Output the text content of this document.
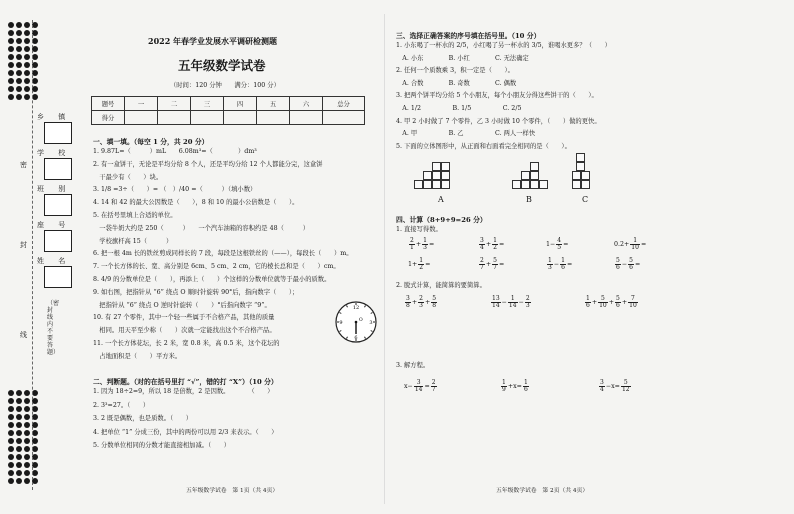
乡 镇
学 校
班 别
座 号
姓 名
（密封线内不要答题）
密
封
线
2022 年春学业发展水平调研检测题
五年级数学试卷
（时间：120 分钟　　满分：100 分）
题号	一	二	三	四	五	六	总分
得分							
一、填一填。（每空 1 分，共 20 分）
1. 9.87L=（　　　）mL　　6.08m³=（　　　　）dm³
2. 有一盒饼干，无论是平均分给 8 个人，还是平均分给 12 个人都能分完，这盒饼
　干最少有（　　）块。
3. 1/8 =3÷（　　）= （　）/40 =（　　　）（填小数）
4. 14 和 42 的最大公因数是（　　），8 和 10 的最小公倍数是（　　）。
5. 在括号里填上合适的单位。
　一袋牛奶大约是 250（　　　）　　一个汽车油箱的容积约是 48（　　　）
　学校旗杆高 15（　　　）
6. 把一根 4m 长的铁丝剪成同样长的 7 段，每段是这根铁丝的（——），每段长（　　）m。
7. 一个长方体的长、宽、高分别是 6cm、5 cm、2 cm，它的棱长总和是（　　）cm。
8. 4/9 的分数单位是（　　），再添上（　　）个这样的分数单位就等于最小的质数。
9. 如右图，把指针从 “6” 绕点 O 顺时针旋转 90°后，指向数字（　　）；
　把指针从 “6” 绕点 O 逆时针旋转（　　）°后指向数字 “9”。
10. 有 27 个零件，其中一个轻一些属于不合格产品，其他的质量
　相同。用天平至少称（　　）次就一定能找出这个不合格产品。
11. 一个长方体花坛，长 2 米，宽 0.8 米，高 0.5 米，这个花坛的
　占地面积是（　　）平方米。
二、判断题。（对的在括号里打 “√”，错的打 “X”）（10 分）
1. 因为 18÷2=9，所以 18 是倍数，2 是因数。　　　　（　　）
2. 3³=27。（　　）
3. 2 既是偶数，也是质数。（　　）
4. 把单位 “1” 分成三份，其中的两份可以用 2/3 来表示。（　　）
5. 分数单位相同的分数才能直接相加减。（　　）
12
3
6
9	O
五年级数学试卷　第 1页（共 4页）
三、选择正确答案的序号填在括号里。（10 分）
1. 小东喝了一杯水的 2/5，小红喝了另一杯水的 3/5，谁喝水更多？（　　）
　A. 小东　　　　B. 小红　　　　C. 无法确定
2. 任何一个质数乘 3，积一定是（　　）。
　A. 合数　　　　B. 奇数　　　　C. 偶数
3. 把两个饼平均分给 5 个小朋友，每个小朋友分得这些饼干的（　　）。
　A. 1/2　　　　　B. 1/5　　　　　C. 2/5
4. 甲 2 小时做了 7 个零件，乙 3 小时做 10 个零件，（　　）做的更快。
　A. 甲　　　　　B. 乙　　　　　C. 两人一样快
5. 下面的立体图形中，从正面和右面看完全相同的是（　　）。
A	B	C
四、计算（8+9+9=26 分）
1. 直接写得数。
$\frac{2}{1} + \frac{1}{3}$ =	$\frac{3}{4} + \frac{1}{2}$ =	$1- \frac{4}{5}$ =	$0.2+ \frac{1}{10}$ =
$1+ \frac{1}{2}$ =	$\frac{2}{7} + \frac{5}{7}$ =	$\frac{1}{3} - \frac{1}{6}$ =	$\frac{5}{6} - \frac{5}{6}$ =
2. 脱式计算，能简算的要简算。
$\frac{3}{8} + \frac{2}{3} + \frac{5}{8}$	$\frac{13}{14} - \frac{1}{14} - \frac{2}{3}$	$\frac{1}{6} + \frac{5}{10} + \frac{5}{6} + \frac{7}{10}$
3. 解方程。
$x- \frac{3}{14} = \frac{2}{7}$	$\frac{1}{9} +x= \frac{1}{6}$	$\frac{3}{4} -x= \frac{5}{12}$
五年级数学试卷　第 2页（共 4页）
